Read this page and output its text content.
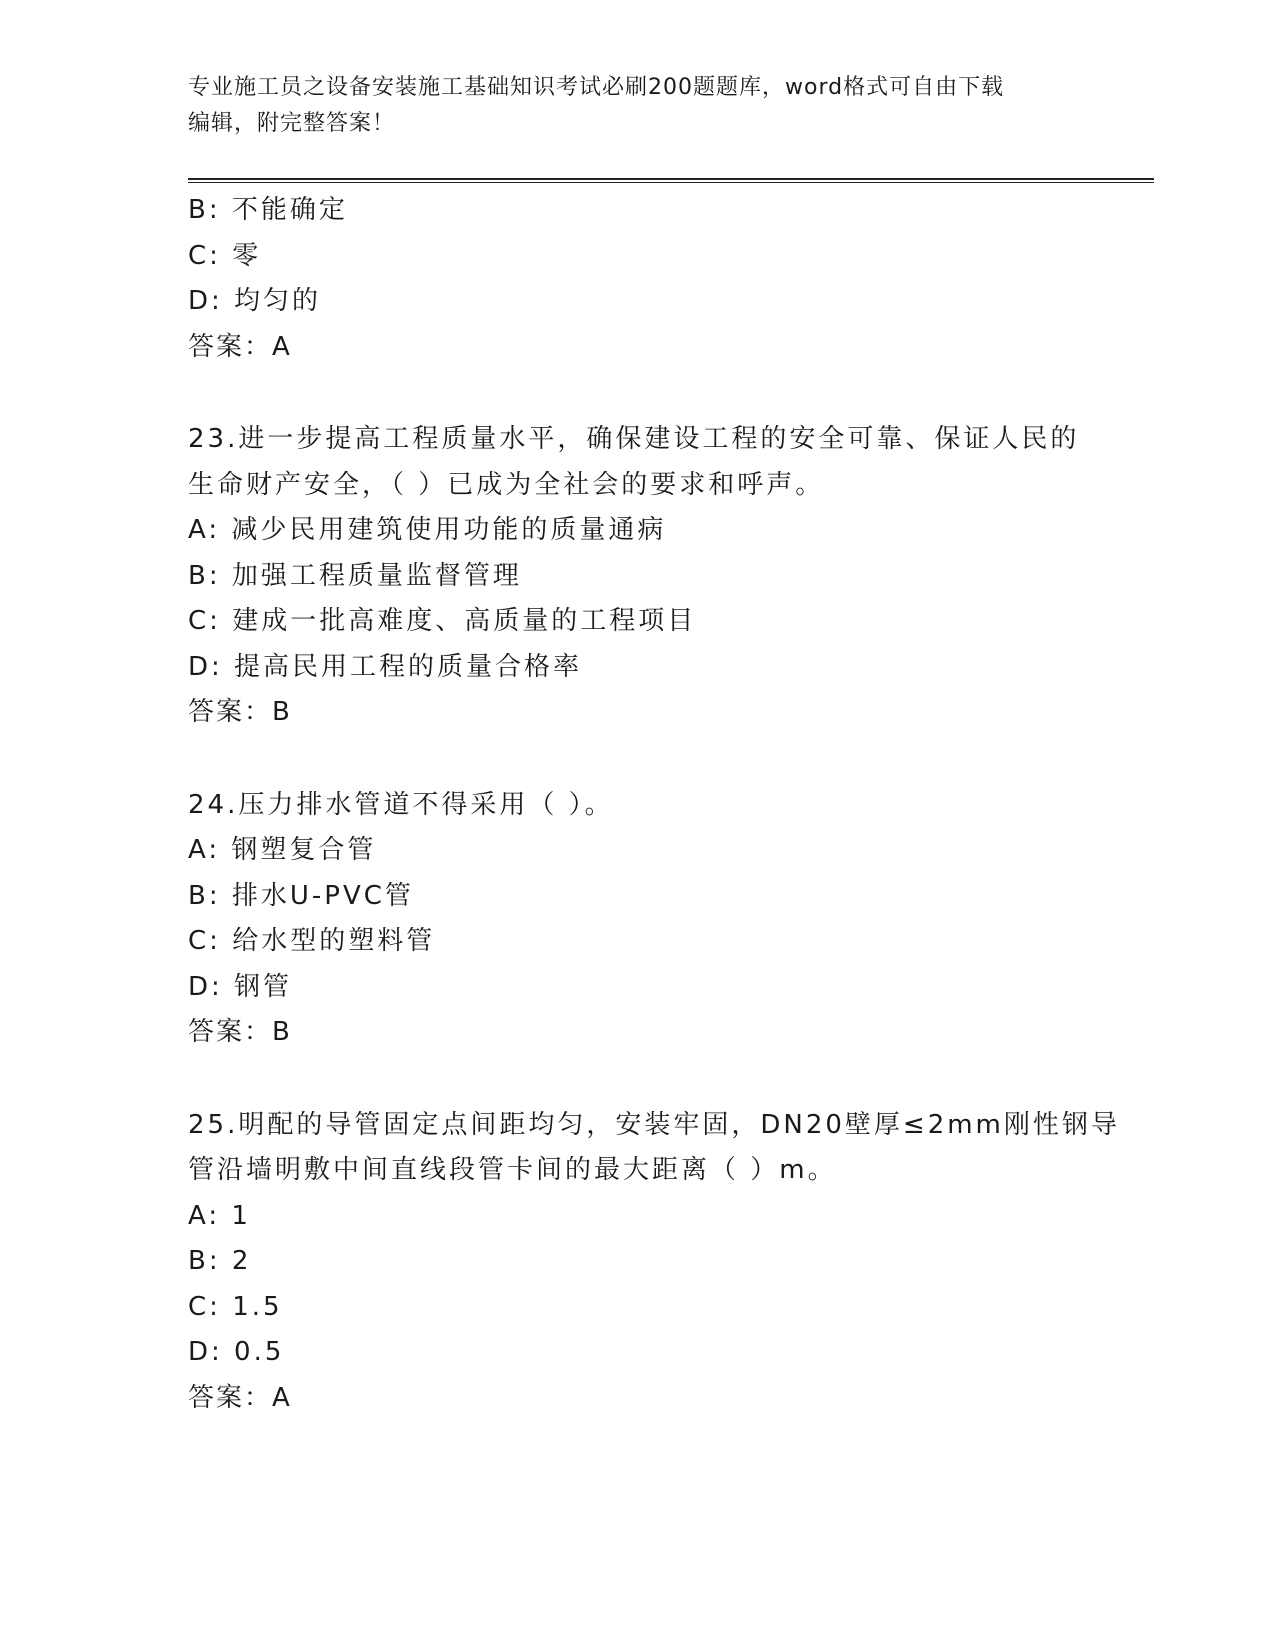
专业施工员之设备安装施工基础知识考试必刷200题题库，word格式可自由下载
编辑，附完整答案！
B: 不能确定
C: 零
D: 均匀的
答案：A
23.进一步提高工程质量水平，确保建设工程的安全可靠、保证人民的
生命财产安全，（ ）已成为全社会的要求和呼声。
A: 减少民用建筑使用功能的质量通病
B: 加强工程质量监督管理
C: 建成一批高难度、高质量的工程项目
D: 提高民用工程的质量合格率
答案：B
24.压力排水管道不得采用（ ）。
A: 钢塑复合管
B: 排水U-PVC管
C: 给水型的塑料管
D: 钢管
答案：B
25.明配的导管固定点间距均匀，安装牢固，DN20壁厚≤2mm刚性钢导
管沿墙明敷中间直线段管卡间的最大距离（ ）m。
A: 1
B: 2
C: 1.5
D: 0.5
答案：A
